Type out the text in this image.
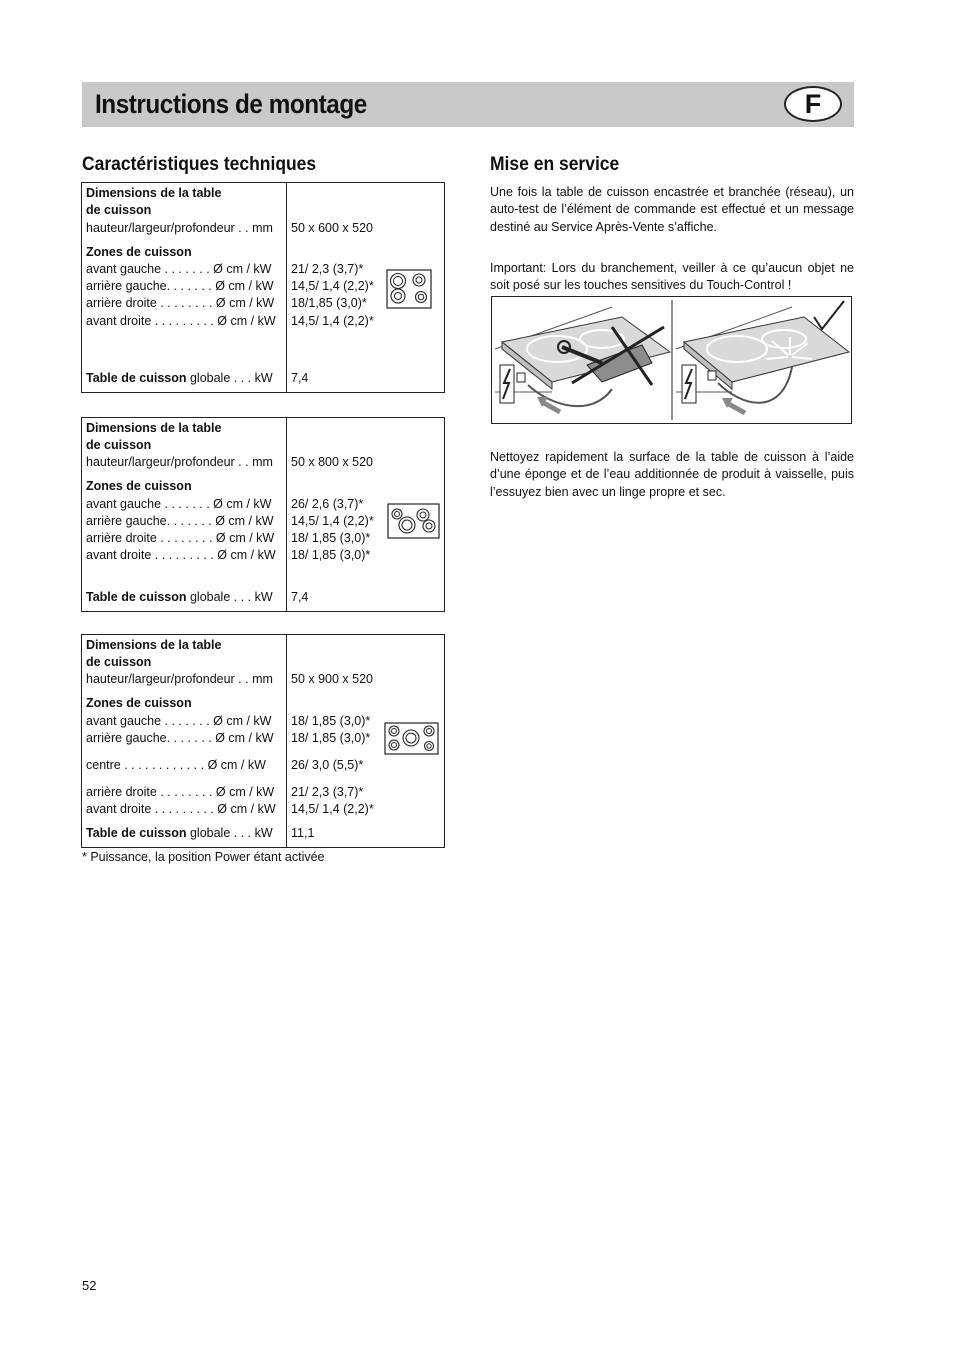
Instructions de montage	F
Caractéristiques techniques
Dimensions de la table
de cuisson
hauteur/largeur/profondeur . . mm 50 x 600 x 520
Zones de cuisson
avant gauche . . . . . . . Ø cm / kW 21/ 2,3 (3,7)*
arrière gauche. . . . . . . Ø cm / kW 14,5/ 1,4 (2,2)*
arrière droite . . . . . . . . Ø cm / kW 18/1,85 (3,0)*
avant droite . . . . . . . . . Ø cm / kW 14,5/ 1,4 (2,2)*
Table de cuisson globale . . . kW 7,4
Dimensions de la table
de cuisson
hauteur/largeur/profondeur . . mm 50 x 800 x 520
Zones de cuisson
avant gauche . . . . . . . Ø cm / kW 26/ 2,6 (3,7)*
arrière gauche. . . . . . . Ø cm / kW 14,5/ 1,4 (2,2)*
arrière droite . . . . . . . . Ø cm / kW 18/ 1,85 (3,0)*
avant droite . . . . . . . . . Ø cm / kW 18/ 1,85 (3,0)*
Table de cuisson globale . . . kW 7,4
Dimensions de la table
de cuisson
hauteur/largeur/profondeur . . mm 50 x 900 x 520
Zones de cuisson
avant gauche . . . . . . . Ø cm / kW 18/ 1,85 (3,0)*
arrière gauche. . . . . . . Ø cm / kW 18/ 1,85 (3,0)*
centre . . . . . . . . . . . . Ø cm / kW 26/ 3,0 (5,5)*
arrière droite . . . . . . . . Ø cm / kW 21/ 2,3 (3,7)*
avant droite . . . . . . . . . Ø cm / kW 14,5/ 1,4 (2,2)*
Table de cuisson globale . . . kW 11,1
* Puissance, la position Power étant activée
Mise en service
Une fois la table de cuisson encastrée et branchée (réseau), un auto-test de l’élément de commande est effectué et un message destiné au Service Après-Vente s’affiche.
Important: Lors du branchement, veiller à ce qu’aucun objet ne soit posé sur les touches sensitives du Touch-Control !
Nettoyez rapidement la surface de la table de cuisson à l’aide d’une éponge et de l’eau additionnée de produit à vaisselle, puis l’essuyez bien avec un linge propre et sec.
52
